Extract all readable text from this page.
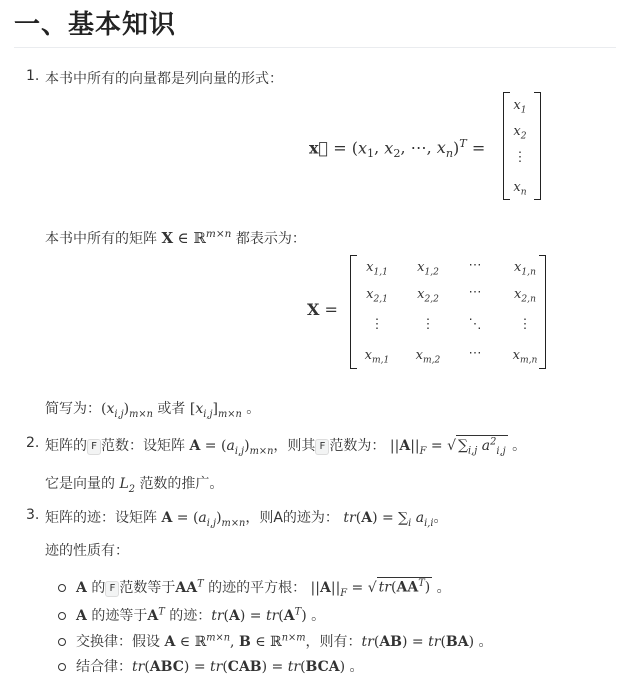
一、基本知识
1. 本书中所有的向量都是列向量的形式：
x⃗ = ($x_1$, $x_2$, ⋯, $x_n)^T$ =
$x_1$
$x_2$
⋮
$x_n$
本书中所有的矩阵 X ∈ ℝ$^{m\times n}$ 都表示为：
X =
$x_{1,1}$	$x_{1,2}$	⋯	$x_{1,n}$
$x_{2,1}$	$x_{2,2}$	⋯	$x_{2,n}$
⋮	⋮	⋱	⋮
$x_{m,1}$	$x_{m,2}$	⋯	$x_{m,n}$
简写为：$(x_{i,j})_{m\times n}$ 或者 $[x_{i,j}]_{m\times n}$ 。
2. 矩阵的 F 范数：设矩阵 $A = (a_{i,j})_{m\times n}$，则其 F 范数为： $||A||_F$ = √ $\sum_{i,j}$ $a^2_{i,j}$ 。
它是向量的 $L_2$ 范数的推广。
3. 矩阵的迹：设矩阵 $A = (a_{i,j})_{m\times n}$，则A的迹为： $tr(A) = \sum_i$ $a_{i,i}$。
迹的性质有：
A 的 F 范数等于$AA^T$ 的迹的平方根： $||A||_F$ = √ $tr(AA^T)$ 。
A 的迹等于$A^T$ 的迹：$tr(A) = tr(A^T)$ 。
交换律：假设 A ∈ ℝ$^{m\times n}$, B ∈ ℝ$^{n\times m}$，则有：tr(AB) = tr(BA) 。
结合律：tr(ABC) = tr(CAB) = tr(BCA) 。
